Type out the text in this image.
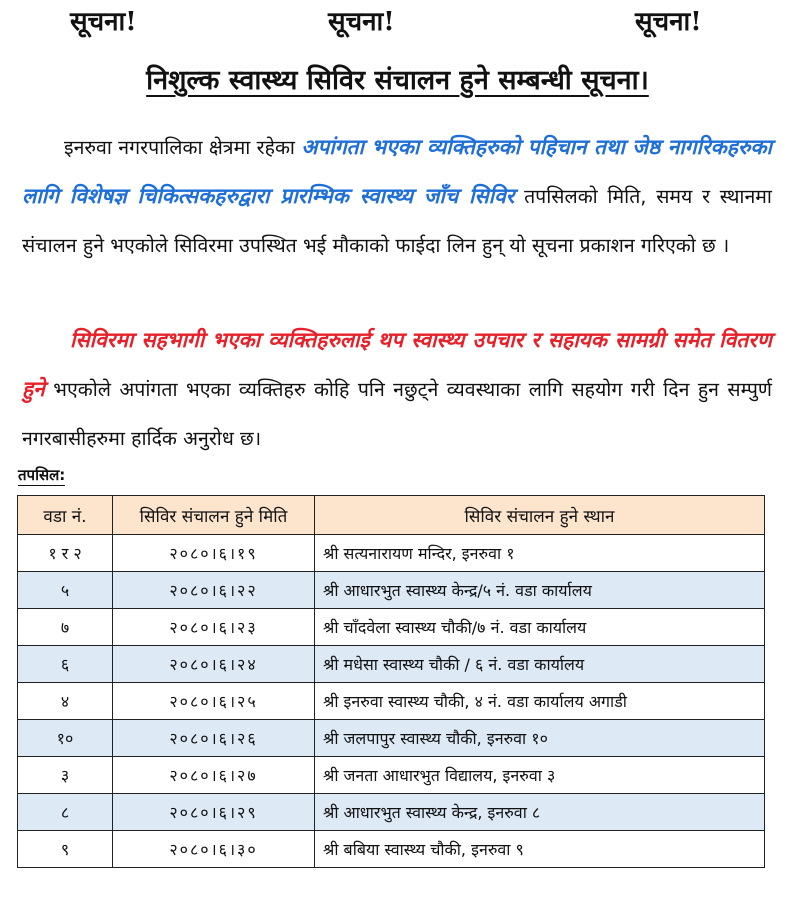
सूचना!	सूचना!	सूचना!
निशुल्क स्वास्थ्य सिविर संचालन हुने सम्बन्धी सूचना।
इनरुवा नगरपालिका क्षेत्रमा रहेका अपांगता भएका व्यक्तिहरुको पहिचान तथा जेष्ठ नागरिकहरुका लागि विशेषज्ञ चिकित्सकहरुद्वारा प्रारम्भिक स्वास्थ्य जाँच सिविर तपसिलको मिति, समय र स्थानमा संचालन हुने भएकोले सिविरमा उपस्थित भई मौकाको फाईदा लिन हुन् यो सूचना प्रकाशन गरिएको छ ।
सिविरमा सहभागी भएका व्यक्तिहरुलाई थप स्वास्थ्य उपचार र सहायक सामग्री समेत वितरण हुने भएकोले अपांगता भएका व्यक्तिहरु कोहि पनि नछुट्ने व्यवस्थाका लागि सहयोग गरी दिन हुन सम्पुर्ण नगरबासीहरुमा हार्दिक अनुरोध छ।
तपसिल:
वडा नं.	सिविर संचालन हुने मिति	सिविर संचालन हुने स्थान
१ र २	२०८०।६।१९	श्री सत्यनारायण मन्दिर, इनरुवा १
५	२०८०।६।२२	श्री आधारभुत स्वास्थ्य केन्द्र/५ नं. वडा कार्यालय
७	२०८०।६।२३	श्री चाँदवेला स्वास्थ्य चौकी/७ नं. वडा कार्यालय
६	२०८०।६।२४	श्री मधेसा स्वास्थ्य चौकी / ६ नं. वडा कार्यालय
४	२०८०।६।२५	श्री इनरुवा स्वास्थ्य चौकी, ४ नं. वडा कार्यालय अगाडी
१०	२०८०।६।२६	श्री जलपापुर स्वास्थ्य चौकी, इनरुवा १०
३	२०८०।६।२७	श्री जनता आधारभुत विद्यालय, इनरुवा ३
८	२०८०।६।२९	श्री आधारभुत स्वास्थ्य केन्द्र, इनरुवा ८
९	२०८०।६।३०	श्री बबिया स्वास्थ्य चौकी, इनरुवा ९
